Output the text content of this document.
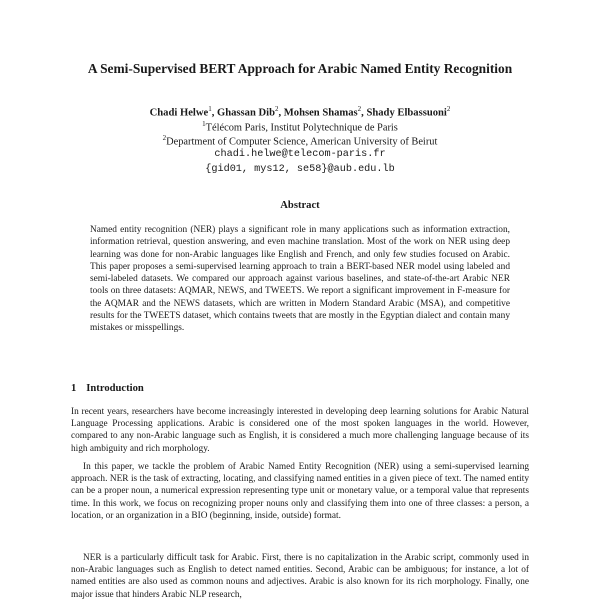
A Semi-Supervised BERT Approach for Arabic Named Entity Recognition
Chadi Helwe$^1$, Ghassan Dib$^2$, Mohsen Shamas$^2$, Shady Elbassuoni$^2$
$^1$Télécom Paris, Institut Polytechnique de Paris
$^2$Department of Computer Science, American University of Beirut
chadi.helwe@telecom-paris.fr
{gid01, mys12, se58}@aub.edu.lb
Abstract
Named entity recognition (NER) plays a significant role in many applications such as information extraction, information retrieval, question answering, and even machine translation. Most of the work on NER using deep learning was done for non-Arabic languages like English and French, and only few studies focused on Arabic. This paper proposes a semi-supervised learning approach to train a BERT-based NER model using labeled and semi-labeled datasets. We compared our approach against various baselines, and state-of-the-art Arabic NER tools on three datasets: AQMAR, NEWS, and TWEETS. We report a significant improvement in F-measure for the AQMAR and the NEWS datasets, which are written in Modern Standard Arabic (MSA), and competitive results for the TWEETS dataset, which contains tweets that are mostly in the Egyptian dialect and contain many mistakes or misspellings.
1 Introduction

In recent years, researchers have become increasingly interested in developing deep learning solutions for Arabic Natural Language Processing applications. Arabic is considered one of the most spoken languages in the world. However, compared to any non-Arabic language such as English, it is considered a much more challenging language because of its high ambiguity and rich morphology.

In this paper, we tackle the problem of Arabic Named Entity Recognition (NER) using a semi-supervised learning approach. NER is the task of extracting, locating, and classifying named entities in a given piece of text. The named entity can be a proper noun, a numerical expression representing type unit or monetary value, or a temporal value that represents time. In this work, we focus on recognizing proper nouns only and classifying them into one of three classes: a person, a location, or an organization in a BIO (beginning, inside, outside) format.

NER is a particularly difficult task for Arabic. First, there is no capitalization in the Arabic script, commonly used in non-Arabic languages such as English to detect named entities. Second, Arabic can be ambiguous; for instance, a lot of named entities are also used as common nouns and adjectives. Arabic is also known for its rich morphology. Finally, one major issue that hinders Arabic NLP research,
